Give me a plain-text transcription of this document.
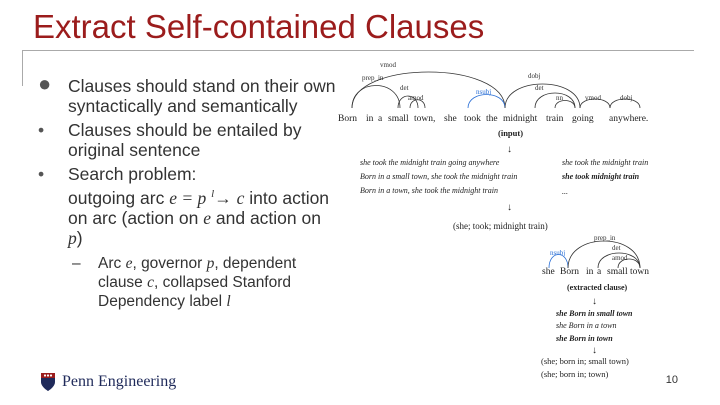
Extract Self-contained Clauses
● Clauses should stand on their own syntactically and semantically
• Clauses should be entailed by original sentence
• Search problem:
outgoing arc e = p $^l$→ c into action
on arc (action on e and action on
p)
– Arc e, governor p, dependent clause c, collapsed Stanford Dependency label l
vmod
prep_in
det
amod
nsubj
dobj
det
nn	vmod	dobj
Born in a small town, she took the midnight train going anywhere.
(input)
↓
she took the midnight train going anywhere
Born in a small town, she took the midnight train
Born in a town, she took the midnight train
she took the midnight train
she took midnight train
...
↓
(she; took; midnight train)
prep_in
nsubj
det
amod
she Born in a small town
(extracted clause)
↓
she Born in small town
she Born in a town
she Born in town
↓
(she; born in; small town)
(she; born in; town)
Penn Engineering	10
